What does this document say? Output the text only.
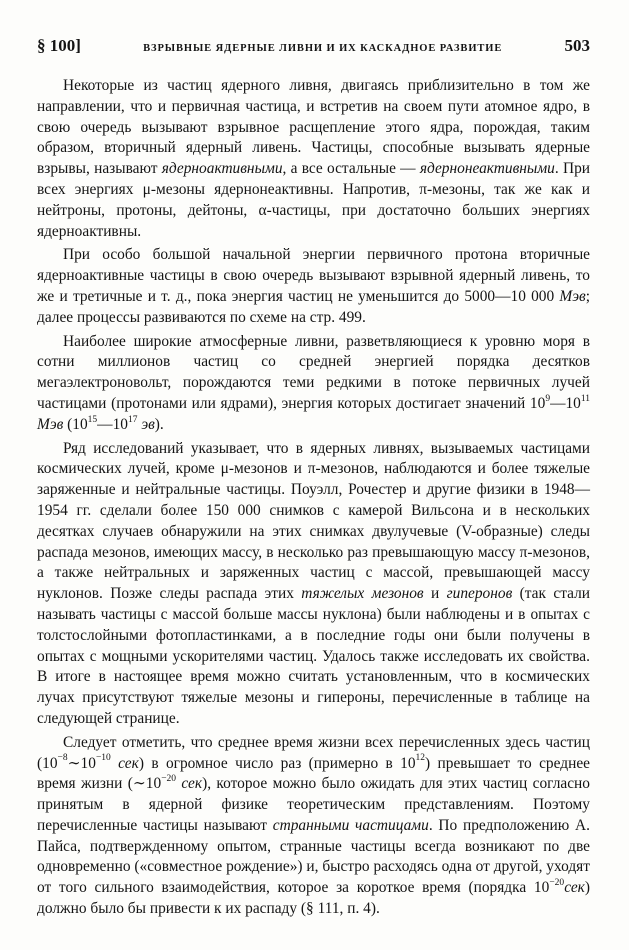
§ 100]	ВЗРЫВНЫЕ ЯДЕРНЫЕ ЛИВНИ И ИХ КАСКАДНОЕ РАЗВИТИЕ	503

Некоторые из частиц ядерного ливня, двигаясь приблизительно в том же направлении, что и первичная частица, и встретив на своем пути атомное ядро, в свою очередь вызывают взрывное расщепление этого ядра, порождая, таким образом, вторичный ядерный ливень. Частицы, способные вызывать ядерные взрывы, называют ядерноактивными, а все остальные — ядернонеактивными. При всех энергиях μ-мезоны ядернонеактивны. Напротив, π-мезоны, так же как и нейтроны, протоны, дейтоны, α-частицы, при достаточно больших энергиях ядерноактивны.

При особо большой начальной энергии первичного протона вторичные ядерноактивные частицы в свою очередь вызывают взрывной ядерный ливень, то же и третичные и т. д., пока энергия частиц не уменьшится до 5000—10 000 Мэв; далее процессы развиваются по схеме на стр. 499.

Наиболее широкие атмосферные ливни, разветвляющиеся к уровню моря в сотни миллионов частиц со средней энергией порядка десятков мегаэлектроновольт, порождаются теми редкими в потоке первичных лучей частицами (протонами или ядрами), энергия которых достигает значений $10^9—10^{11}$ Мэв ($10^{15}—10^{17}$ эв).

Ряд исследований указывает, что в ядерных ливнях, вызываемых частицами космических лучей, кроме μ-мезонов и π-мезонов, наблюдаются и более тяжелые заряженные и нейтральные частицы. Поуэлл, Рочестер и другие физики в 1948—1954 гг. сделали более 150 000 снимков с камерой Вильсона и в нескольких десятках случаев обнаружили на этих снимках двулучевые (V-образные) следы распада мезонов, имеющих массу, в несколько раз превышающую массу π-мезонов, а также нейтральных и заряженных частиц с массой, превышающей массу нуклонов. Позже следы распада этих тяжелых мезонов и гиперонов (так стали называть частицы с массой больше массы нуклона) были наблюдены и в опытах с толстослойными фотопластинками, а в последние годы они были получены в опытах с мощными ускорителями частиц. Удалось также исследовать их свойства. В итоге в настоящее время можно считать установленным, что в космических лучах присутствуют тяжелые мезоны и гипероны, перечисленные в таблице на следующей странице.

Следует отметить, что среднее время жизни всех перечисленных здесь частиц ($10^{-8}\sim 10^{-10}$ сек) в огромное число раз (примерно в $10^{12}$) превышает то среднее время жизни ($\sim 10^{-20}$ сек), которое можно было ожидать для этих частиц согласно принятым в ядерной физике теоретическим представлениям. Поэтому перечисленные частицы называют странными частицами. По предположению А. Пайса, подтвержденному опытом, странные частицы всегда возникают по две одновременно («совместное рождение») и, быстро расходясь одна от другой, уходят от того сильного взаимодействия, которое за короткое время (порядка $10^{-20}сек$) должно было бы привести к их распаду (§ 111, п. 4).
